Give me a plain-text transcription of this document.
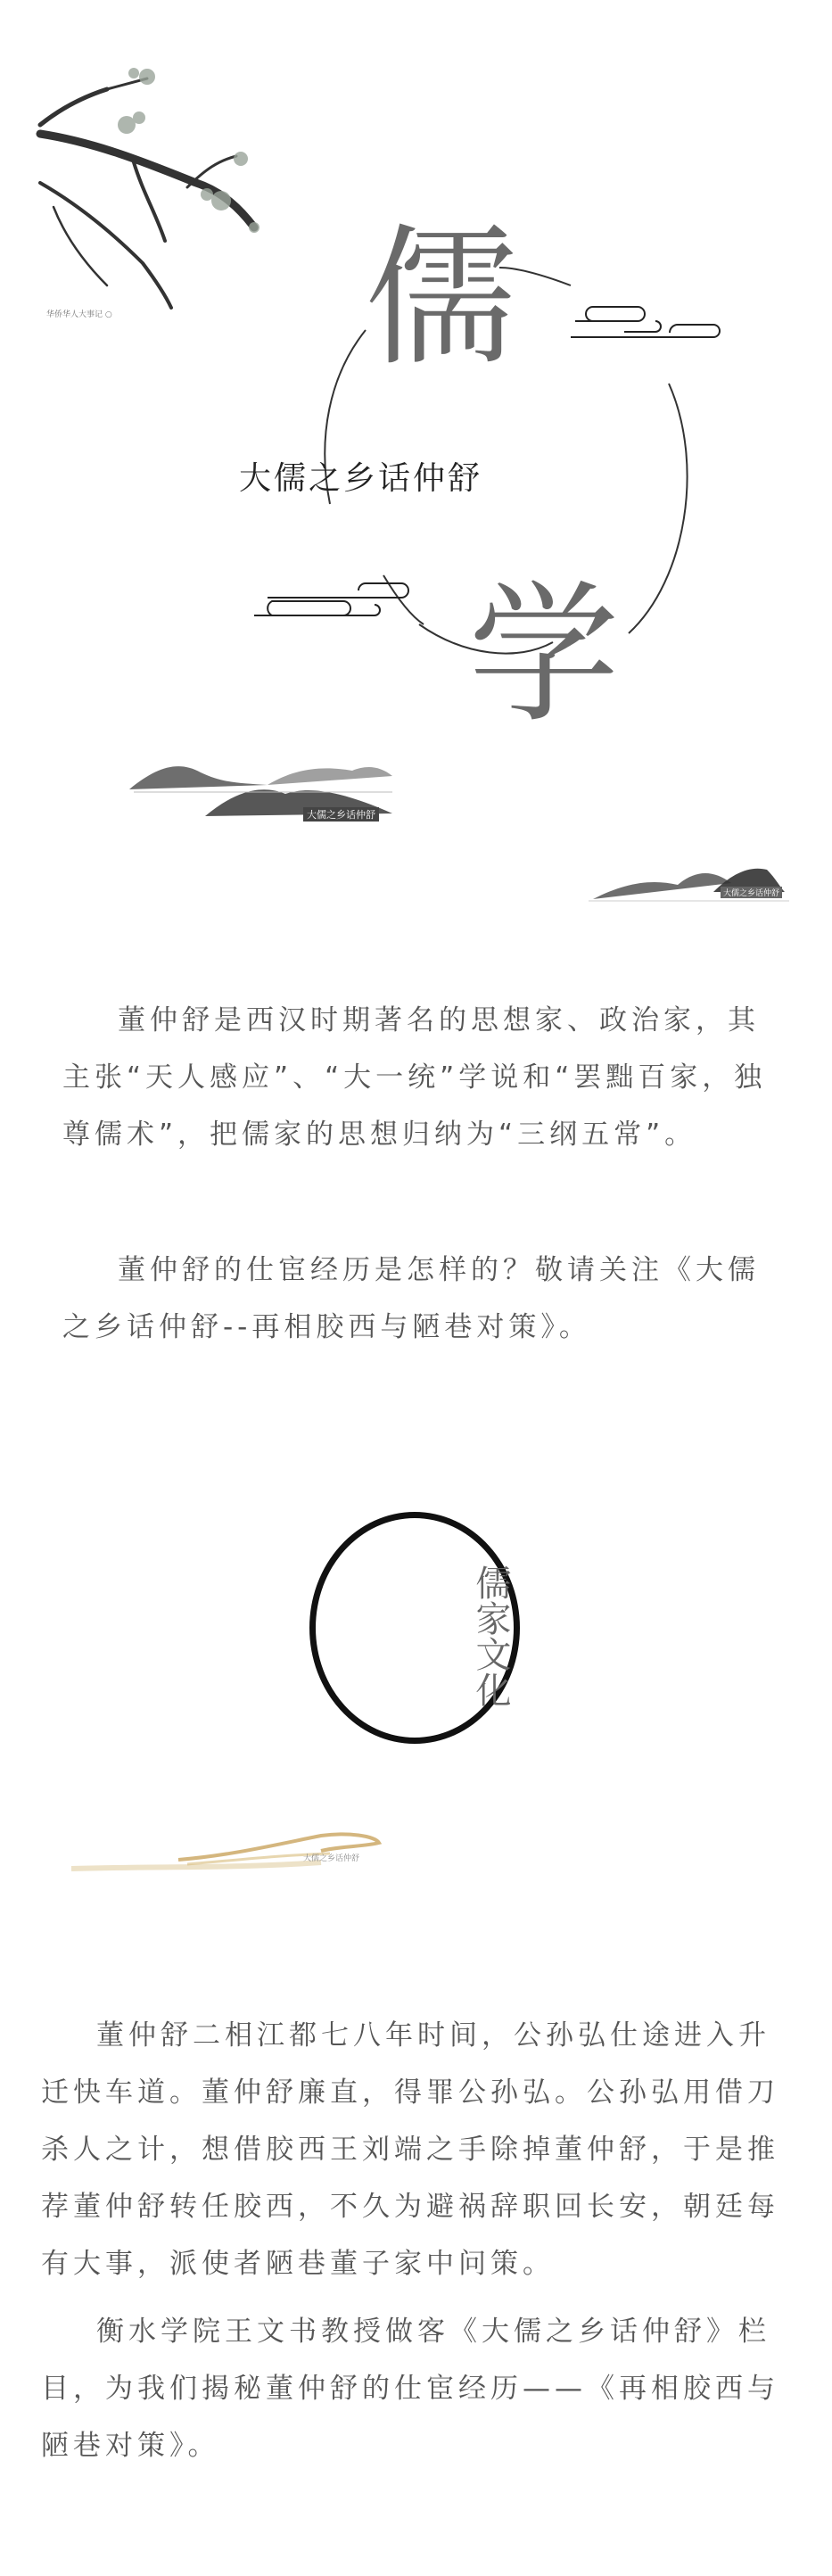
儒
学
大儒之乡话仲舒
华侨华人大事记 ○
大儒之乡话仲舒
大儒之乡话仲舒
董仲舒是西汉时期著名的思想家、政治家，其主张“天人感应”、“大一统”学说和“罢黜百家，独尊儒术”，把儒家的思想归纳为“三纲五常”。
董仲舒的仕宦经历是怎样的？敬请关注《大儒之乡话仲舒--再相胶西与陋巷对策》。
儒家文化
大儒之乡话仲舒
董仲舒二相江都七八年时间，公孙弘仕途进入升迁快车道。董仲舒廉直，得罪公孙弘。公孙弘用借刀杀人之计，想借胶西王刘端之手除掉董仲舒，于是推荐董仲舒转任胶西，不久为避祸辞职回长安，朝廷每有大事，派使者陋巷董子家中问策。
衡水学院王文书教授做客《大儒之乡话仲舒》栏目，为我们揭秘董仲舒的仕宦经历——《再相胶西与陋巷对策》。
